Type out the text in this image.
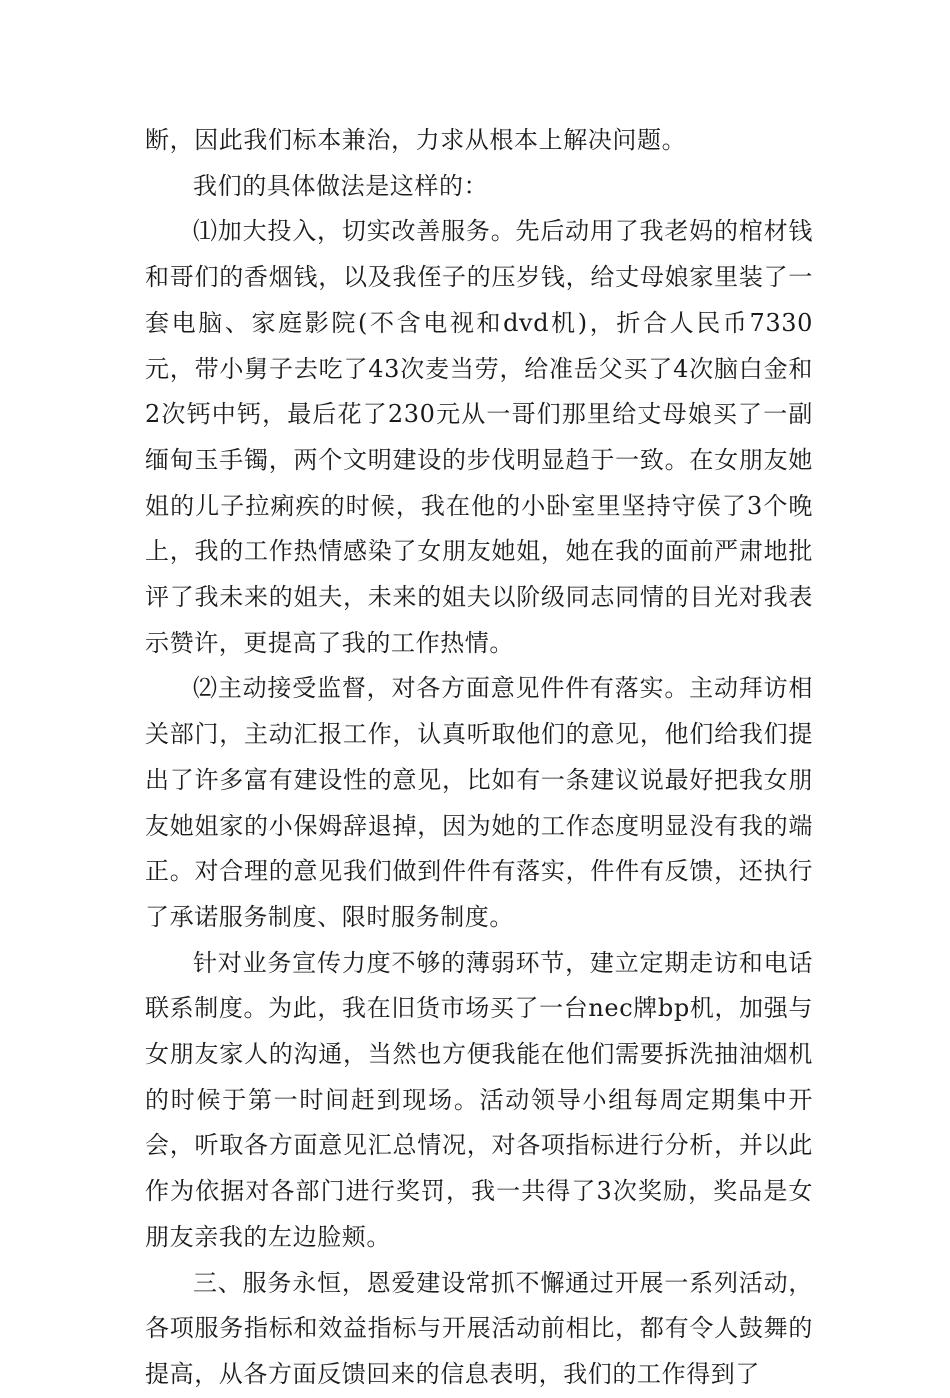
断，因此我们标本兼治，力求从根本上解决问题。

我们的具体做法是这样的：

⑴加大投入，切实改善服务。先后动用了我老妈的棺材钱和哥们的香烟钱，以及我侄子的压岁钱，给丈母娘家里装了一套电脑、家庭影院(不含电视和dvd机)，折合人民币7330元，带小舅子去吃了43次麦当劳，给准岳父买了4次脑白金和2次钙中钙，最后花了230元从一哥们那里给丈母娘买了一副缅甸玉手镯，两个文明建设的步伐明显趋于一致。在女朋友她姐的儿子拉痢疾的时候，我在他的小卧室里坚持守侯了3个晚上，我的工作热情感染了女朋友她姐，她在我的面前严肃地批评了我未来的姐夫，未来的姐夫以阶级同志同情的目光对我表示赞许，更提高了我的工作热情。

⑵主动接受监督，对各方面意见件件有落实。主动拜访相关部门，主动汇报工作，认真听取他们的意见，他们给我们提出了许多富有建设性的意见，比如有一条建议说最好把我女朋友她姐家的小保姆辞退掉，因为她的工作态度明显没有我的端正。对合理的意见我们做到件件有落实，件件有反馈，还执行了承诺服务制度、限时服务制度。

针对业务宣传力度不够的薄弱环节，建立定期走访和电话联系制度。为此，我在旧货市场买了一台nec牌bp机，加强与女朋友家人的沟通，当然也方便我能在他们需要拆洗抽油烟机的时候于第一时间赶到现场。活动领导小组每周定期集中开会，听取各方面意见汇总情况，对各项指标进行分析，并以此作为依据对各部门进行奖罚，我一共得了3次奖励，奖品是女朋友亲我的左边脸颊。

三、服务永恒，恩爱建设常抓不懈通过开展一系列活动，各项服务指标和效益指标与开展活动前相比，都有令人鼓舞的提高，从各方面反馈回来的信息表明，我们的工作得到了
